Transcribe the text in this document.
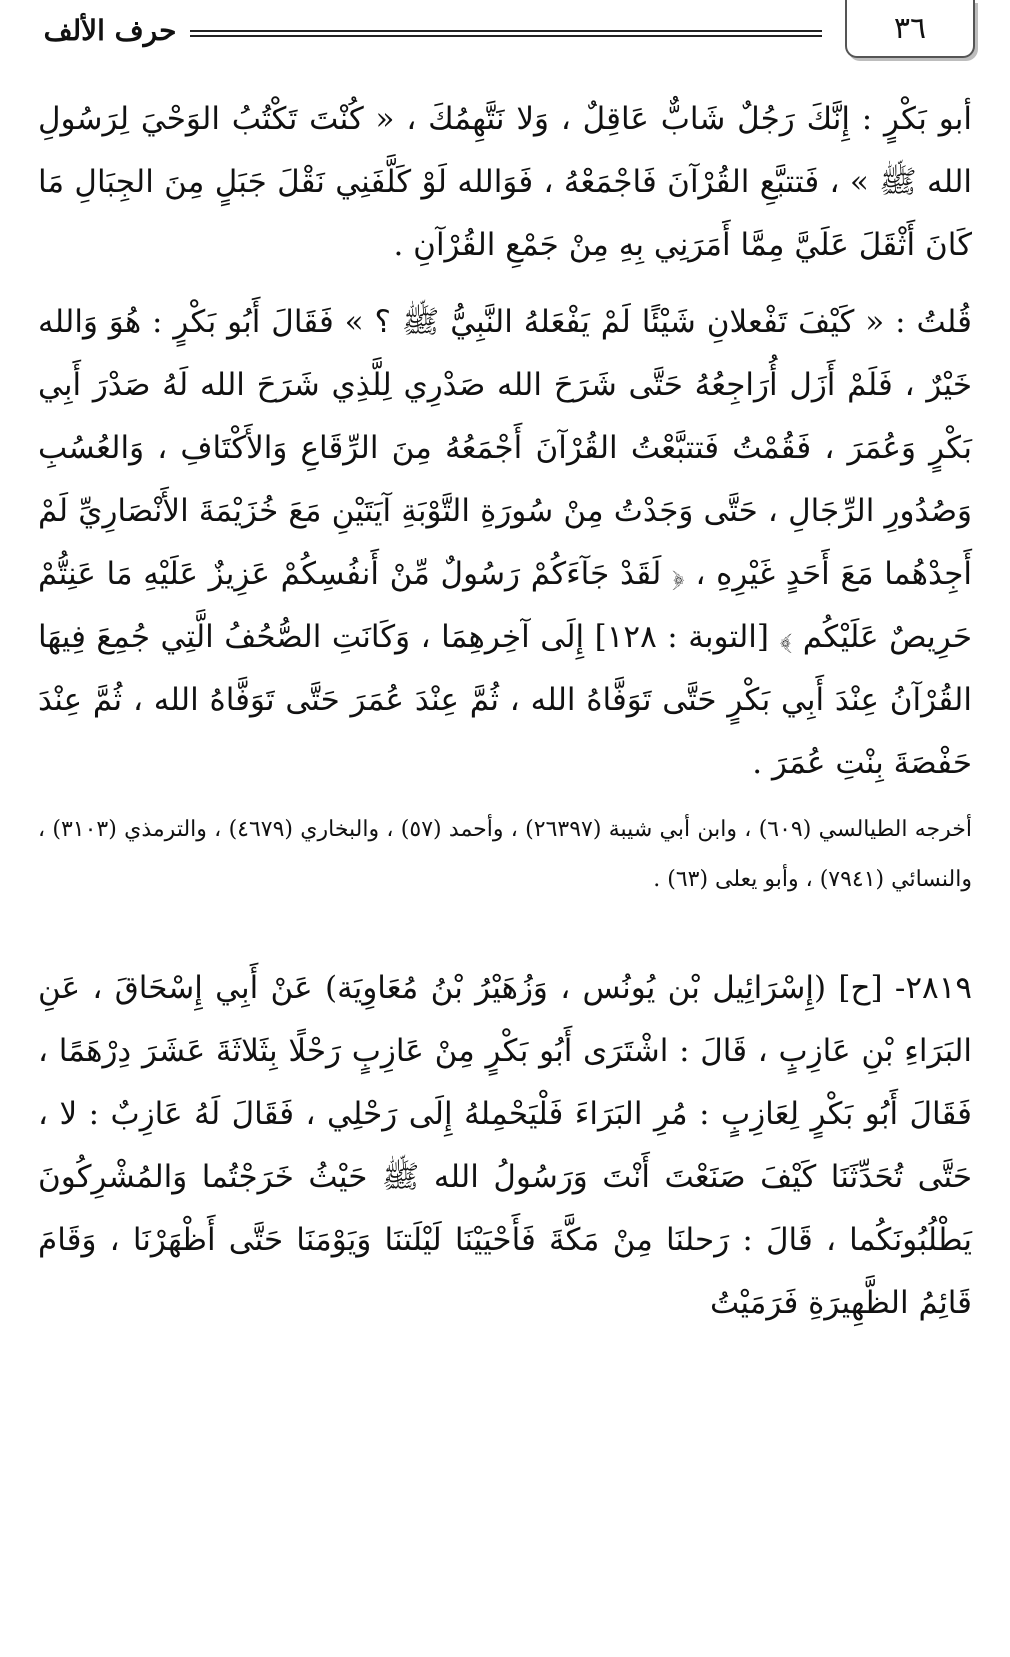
٣٦
حرف الألف

أبو بَكْرٍ : إِنَّكَ رَجُلٌ شَابٌّ عَاقِلٌ ، وَلا نَتَّهِمُكَ ، « كُنْتَ تَكْتُبُ الوَحْيَ لِرَسُولِ الله ﷺ » ، فَتتبَّعِ القُرْآنَ فَاجْمَعْهُ ، فَوَالله لَوْ كَلَّفَنِي نَقْلَ جَبَلٍ مِنَ الجِبَالِ مَا كَانَ أَثْقَلَ عَلَيَّ مِمَّا أَمَرَنِي بِهِ مِنْ جَمْعِ القُرْآنِ .

قُلتُ : « كَيْفَ تَفْعلانِ شَيْئًا لَمْ يَفْعَلهُ النَّبِيُّ ﷺ ؟ » فَقَالَ أَبُو بَكْرٍ : هُوَ وَالله خَيْرٌ ، فَلَمْ أَزَل أُرَاجِعُهُ حَتَّى شَرَحَ الله صَدْرِي لِلَّذِي شَرَحَ الله لَهُ صَدْرَ أَبِي بَكْرٍ وَعُمَرَ ، فَقُمْتُ فَتتبَّعْتُ القُرْآنَ أَجْمَعُهُ مِنَ الرِّقَاعِ وَالأَكْتَافِ ، وَالعُسُبِ وَصُدُورِ الرِّجَالِ ، حَتَّى وَجَدْتُ مِنْ سُورَةِ التَّوْبَةِ آيَتَيْنِ مَعَ خُزَيْمَةَ الأَنْصَارِيِّ لَمْ أَجِدْهُما مَعَ أَحَدٍ غَيْرِهِ ، ﴿ لَقَدْ جَآءَكُمْ رَسُولٌ مِّنْ أَنفُسِكُمْ عَزِيزٌ عَلَيْهِ مَا عَنِتُّمْ حَرِيصٌ عَلَيْكُم ﴾ [التوبة : ١٢٨] إِلَى آخِرهِمَا ، وَكَانَتِ الصُّحُفُ الَّتِي جُمِعَ فِيهَا القُرْآنُ عِنْدَ أَبِي بَكْرٍ حَتَّى تَوَفَّاهُ الله ، ثُمَّ عِنْدَ عُمَرَ حَتَّى تَوَفَّاهُ الله ، ثُمَّ عِنْدَ حَفْصَةَ بِنْتِ عُمَرَ .

أخرجه الطيالسي (٦٠٩) ، وابن أبي شيبة (٢٦٣٩٧) ، وأحمد (٥٧) ، والبخاري (٤٦٧٩) ، والترمذي (٣١٠٣) ، والنسائي (٧٩٤١) ، وأبو يعلى (٦٣) .

٢٨١٩- [ح] (إِسْرَائِيل بْن يُونُس ، وَزُهَيْرُ بْنُ مُعَاوِيَة) عَنْ أَبِي إِسْحَاقَ ، عَنِ البَرَاءِ بْنِ عَازِبٍ ، قَالَ : اشْتَرَى أَبُو بَكْرٍ مِنْ عَازِبٍ رَحْلًا بِثَلاثَةَ عَشَرَ دِرْهَمًا ، فَقَالَ أَبُو بَكْرٍ لِعَازِبٍ : مُرِ البَرَاءَ فَلْيَحْمِلهُ إِلَى رَحْلِي ، فَقَالَ لَهُ عَازِبٌ : لا ، حَتَّى تُحَدِّثَنَا كَيْفَ صَنَعْتَ أَنْتَ وَرَسُولُ الله ﷺ حَيْثُ خَرَجْتُما وَالمُشْرِكُونَ يَطْلُبُونَكُما ، قَالَ : رَحلنَا مِنْ مَكَّةَ فَأَحْيَيْنَا لَيْلَتنَا وَيَوْمَنَا حَتَّى أَظْهَرْنَا ، وَقَامَ قَائِمُ الظَّهِيرَةِ فَرَمَيْتُ
